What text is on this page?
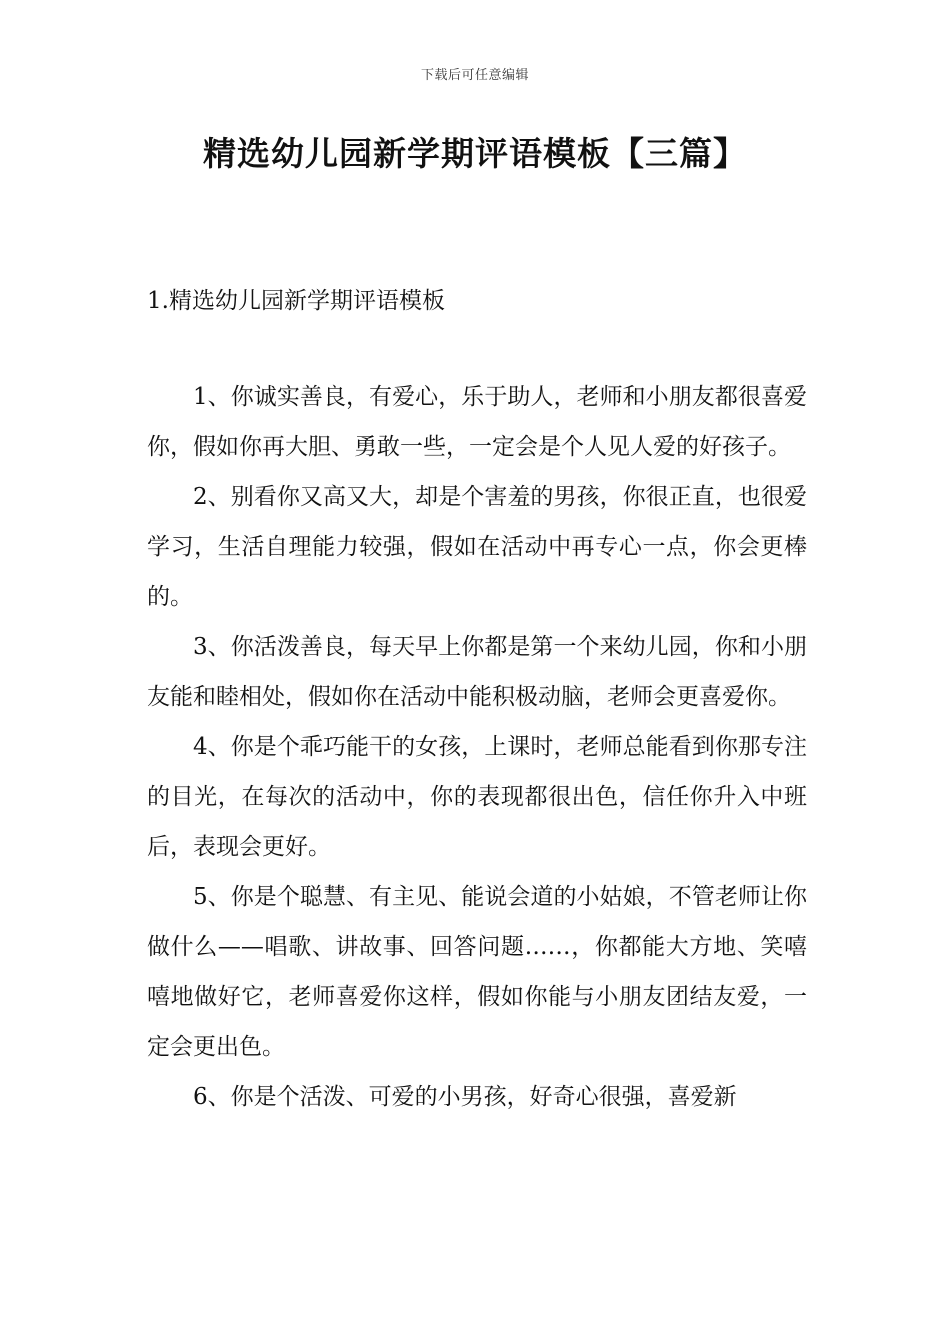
下载后可任意编辑
精选幼儿园新学期评语模板【三篇】
1.精选幼儿园新学期评语模板

1、你诚实善良，有爱心，乐于助人，老师和小朋友都很喜爱你，假如你再大胆、勇敢一些，一定会是个人见人爱的好孩子。

2、别看你又高又大，却是个害羞的男孩，你很正直，也很爱学习，生活自理能力较强，假如在活动中再专心一点，你会更棒的。

3、你活泼善良，每天早上你都是第一个来幼儿园，你和小朋友能和睦相处，假如你在活动中能积极动脑，老师会更喜爱你。

4、你是个乖巧能干的女孩，上课时，老师总能看到你那专注的目光，在每次的活动中，你的表现都很出色，信任你升入中班后，表现会更好。

5、你是个聪慧、有主见、能说会道的小姑娘，不管老师让你做什么——唱歌、讲故事、回答问题……，你都能大方地、笑嘻嘻地做好它，老师喜爱你这样，假如你能与小朋友团结友爱，一定会更出色。

6、你是个活泼、可爱的小男孩，好奇心很强，喜爱新
